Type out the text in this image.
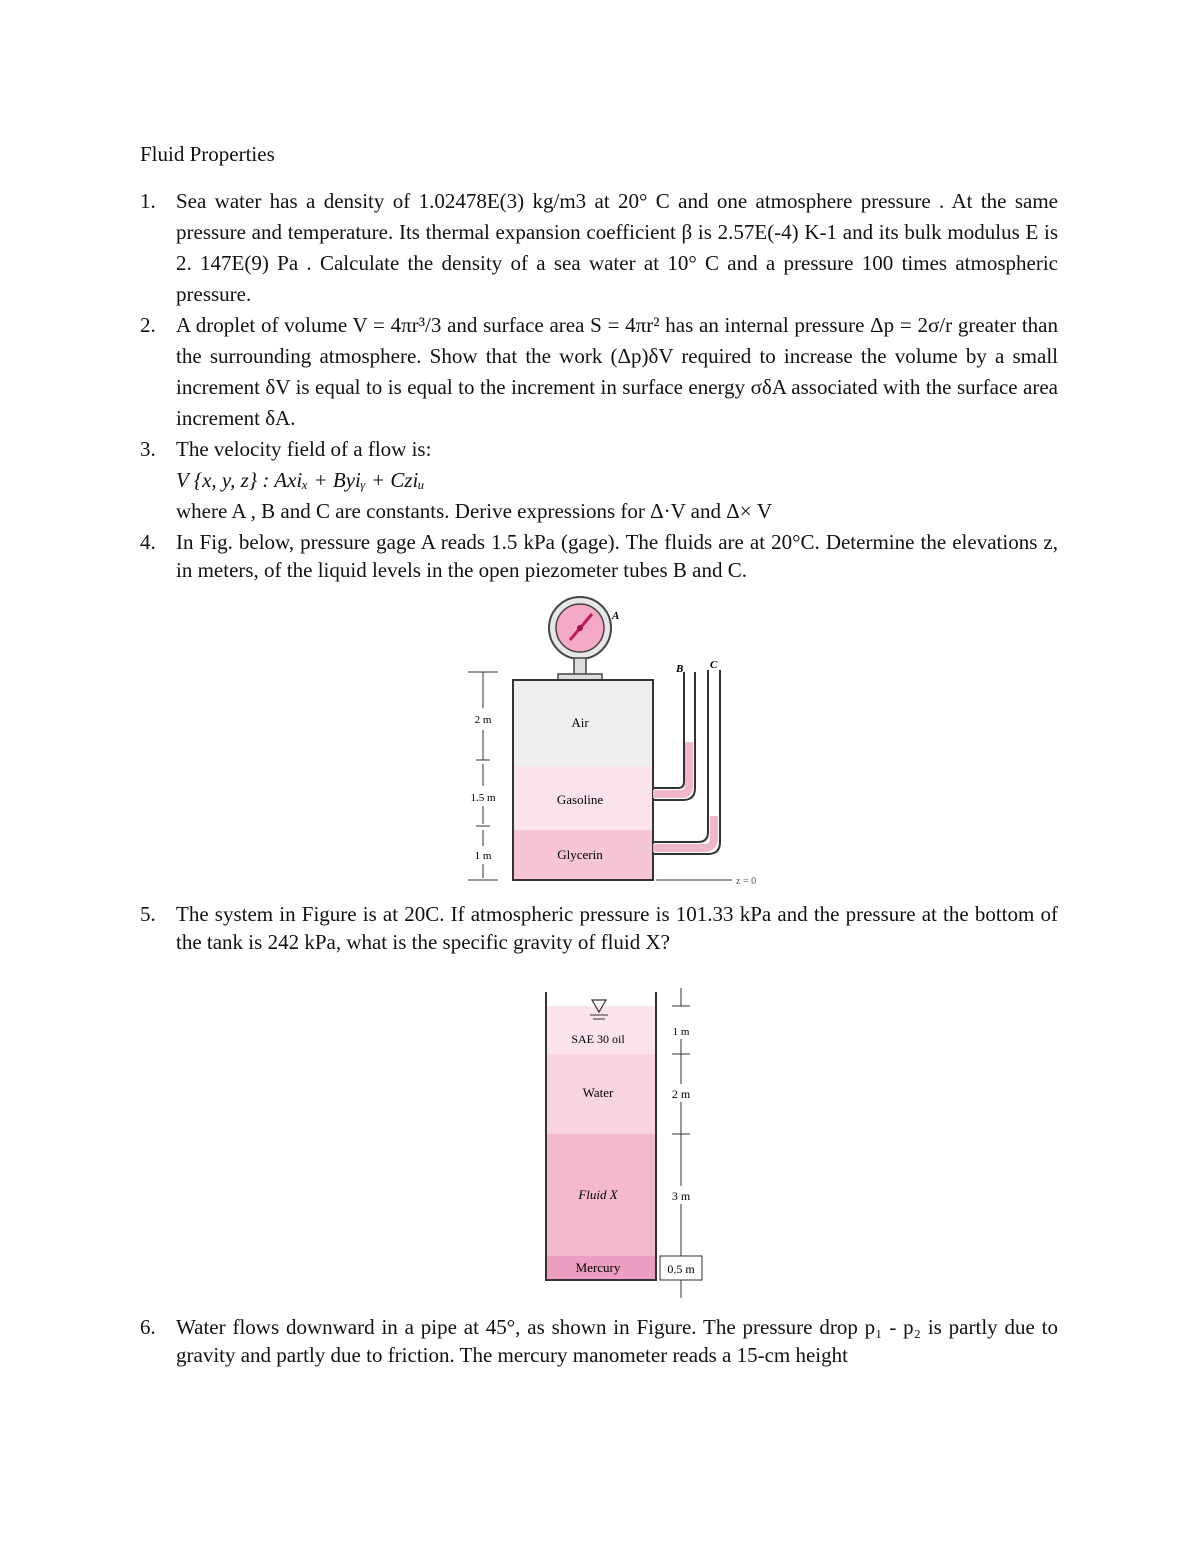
Fluid Properties
1. Sea water has a density of 1.02478E(3) kg/m3 at 20° C and one atmosphere pressure . At the same pressure and temperature. Its thermal expansion coefficient β is 2.57E(-4) K-1 and its bulk modulus E is 2. 147E(9) Pa . Calculate the density of a sea water at 10° C and a pressure 100 times atmospheric pressure.
2. A droplet of volume V = 4πr³/3 and surface area S = 4πr² has an internal pressure Δp = 2σ/r greater than the surrounding atmosphere. Show that the work (Δp)δV required to increase the volume by a small increment δV is equal to is equal to the increment in surface energy σδA associated with the surface area increment δA.
3. The velocity field of a flow is:
V {x, y, z} : Axiₓ + Byiᵧ + Cziᵤ
where A , B and C are constants. Derive expressions for Δ·V and Δ× V
4. In Fig. below, pressure gage A reads 1.5 kPa (gage). The fluids are at 20°C. Determine the elevations z, in meters, of the liquid levels in the open piezometer tubes B and C.
A
Air
Gasoline
Glycerin
B C
z = 0
2 m
1.5 m
1 m
5. The system in Figure is at 20C. If atmospheric pressure is 101.33 kPa and the pressure at the bottom of the tank is 242 kPa, what is the specific gravity of fluid X?
SAE 30 oil
Water
Fluid X
Mercury
1 m
2 m
3 m
0.5 m
6. Water flows downward in a pipe at 45°, as shown in Figure. The pressure drop p₁ - p₂ is partly due to gravity and partly due to friction. The mercury manometer reads a 15-cm height
